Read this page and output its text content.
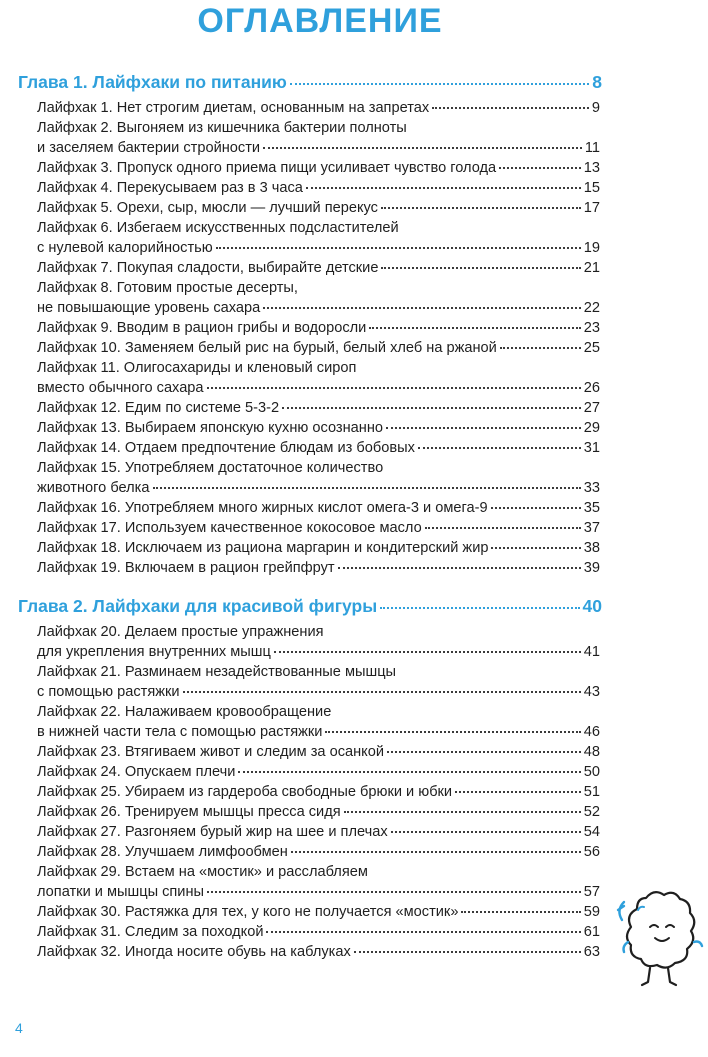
ОГЛАВЛЕНИЕ
Глава 1. Лайфхаки по питанию	8
Лайфхак 1. Нет строгим диетам, основанным на запретах	9
Лайфхак 2. Выгоняем из кишечника бактерии полноты
и заселяем бактерии стройности	11
Лайфхак 3. Пропуск одного приема пищи усиливает чувство голода	13
Лайфхак 4. Перекусываем раз в 3 часа	15
Лайфхак 5. Орехи, сыр, мюсли — лучший перекус	17
Лайфхак 6. Избегаем искусственных подсластителей
с нулевой калорийностью	19
Лайфхак 7. Покупая сладости, выбирайте детские	21
Лайфхак 8. Готовим простые десерты,
не повышающие уровень сахара	22
Лайфхак 9. Вводим в рацион грибы и водоросли	23
Лайфхак 10. Заменяем белый рис на бурый, белый хлеб на ржаной	25
Лайфхак 11. Олигосахариды и кленовый сироп
вместо обычного сахара	26
Лайфхак 12. Едим по системе 5-3-2	27
Лайфхак 13. Выбираем японскую кухню осознанно	29
Лайфхак 14. Отдаем предпочтение блюдам из бобовых	31
Лайфхак 15. Употребляем достаточное количество
животного белка	33
Лайфхак 16. Употребляем много жирных кислот омега-3 и омега-9	35
Лайфхак 17. Используем качественное кокосовое масло	37
Лайфхак 18. Исключаем из рациона маргарин и кондитерский жир	38
Лайфхак 19. Включаем в рацион грейпфрут	39
Глава 2. Лайфхаки для красивой фигуры	40
Лайфхак 20. Делаем простые упражнения
для укрепления внутренних мышц	41
Лайфхак 21. Разминаем незадействованные мышцы
с помощью растяжки	43
Лайфхак 22. Налаживаем кровообращение
в нижней части тела с помощью растяжки	46
Лайфхак 23. Втягиваем живот и следим за осанкой	48
Лайфхак 24. Опускаем плечи	50
Лайфхак 25. Убираем из гардероба свободные брюки и юбки	51
Лайфхак 26. Тренируем мышцы пресса сидя	52
Лайфхак 27. Разгоняем бурый жир на шее и плечах	54
Лайфхак 28. Улучшаем лимфообмен	56
Лайфхак 29. Встаем на «мостик» и расслабляем
лопатки и мышцы спины	57
Лайфхак 30. Растяжка для тех, у кого не получается «мостик»	59
Лайфхак 31. Следим за походкой	61
Лайфхак 32. Иногда носите обувь на каблуках	63
4
